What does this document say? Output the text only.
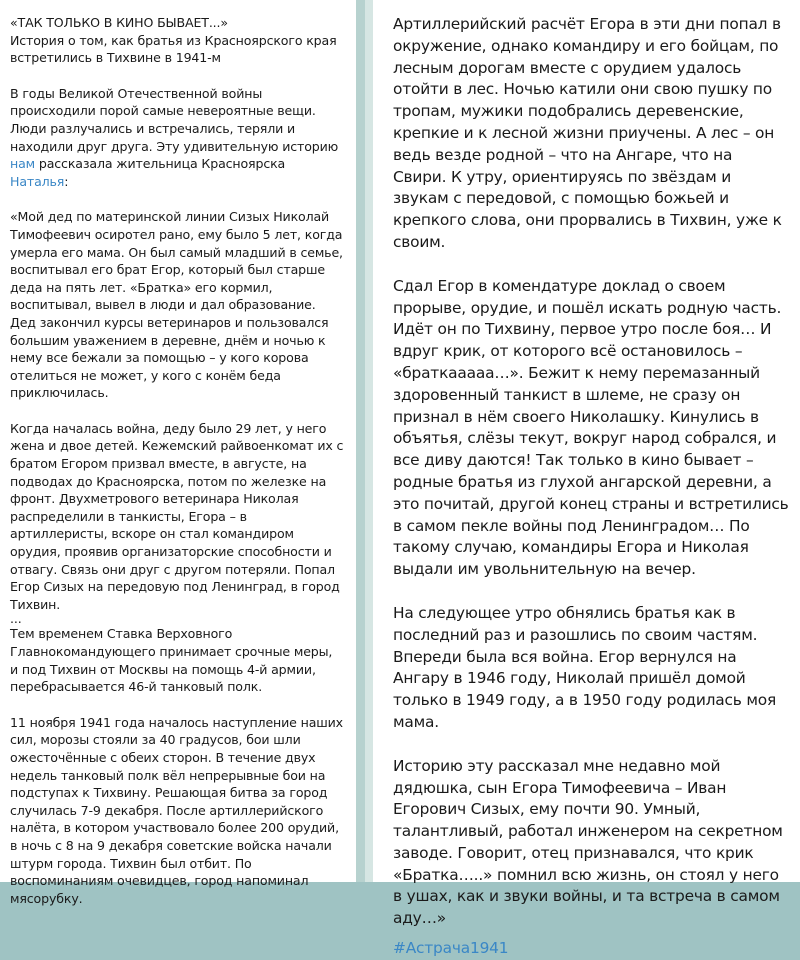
«ТАК ТОЛЬКО В КИНО БЫВАЕТ...»

История о том, как братья из Красноярского края встретились в Тихвине в 1941-м

В годы Великой Отечественной войны происходили порой самые невероятные вещи. Люди разлучались и встречались, теряли и находили друг друга. Эту удивительную историю нам рассказала жительница Красноярска Наталья:

«Мой дед по материнской линии Сизых Николай Тимофеевич осиротел рано, ему было 5 лет, когда умерла его мама. Он был самый младший в семье, воспитывал его брат Егор, который был старше деда на пять лет. «Братка» его кормил, воспитывал, вывел в люди и дал образование. Дед закончил курсы ветеринаров и пользовался большим уважением в деревне, днём и ночью к нему все бежали за помощью – у кого корова отелиться не может, у кого с конём беда приключилась.

Когда началась война, деду было 29 лет, у него жена и двое детей. Кежемский райвоенкомат их с братом Егором призвал вместе, в августе, на подводах до Красноярска, потом по железке на фронт. Двухметрового ветеринара Николая распределили в танкисты, Егора – в артиллеристы, вскоре он стал командиром орудия, проявив организаторские способности и отвагу. Связь они друг с другом потеряли. Попал Егор Сизых на передовую под Ленинград, в город Тихвин.

...

Тем временем Ставка Верховного Главнокомандующего принимает срочные меры, и под Тихвин от Москвы на помощь 4-й армии, перебрасывается 46-й танковый полк.

11 ноября 1941 года началось наступление наших сил, морозы стояли за 40 градусов, бои шли ожесточённые с обеих сторон. В течение двух недель танковый полк вёл непрерывные бои на подступах к Тихвину. Решающая битва за город случилась 7-9 декабря. После артиллерийского налёта, в котором участвовало более 200 орудий, в ночь с 8 на 9 декабря советские войска начали штурм города. Тихвин был отбит. По воспоминаниям очевидцев, город напоминал мясорубку.

Артиллерийский расчёт Егора в эти дни попал в окружение, однако командиру и его бойцам, по лесным дорогам вместе с орудием удалось отойти в лес. Ночью катили они свою пушку по тропам, мужики подобрались деревенские, крепкие и к лесной жизни приучены. А лес – он ведь везде родной – что на Ангаре, что на Свири. К утру, ориентируясь по звёздам и звукам с передовой, с помощью божьей и крепкого слова, они прорвались в Тихвин, уже к своим.

Сдал Егор в комендатуре доклад о своем прорыве, орудие, и пошёл искать родную часть. Идёт он по Тихвину, первое утро после боя… И вдруг крик, от которого всё остановилось – «браткааааа…». Бежит к нему перемазанный здоровенный танкист в шлеме, не сразу он признал в нём своего Николашку. Кинулись в объятья, слёзы текут, вокруг народ собрался, и все диву даются! Так только в кино бывает – родные братья из глухой ангарской деревни, а это почитай, другой конец страны и встретились в самом пекле войны под Ленинградом… По такому случаю, командиры Егора и Николая выдали им увольнительную на вечер.

На следующее утро обнялись братья как в последний раз и разошлись по своим частям. Впереди была вся война. Егор вернулся на Ангару в 1946 году, Николай пришёл домой только в 1949 году, а в 1950 году родилась моя мама.

Историю эту рассказал мне недавно мой дядюшка, сын Егора Тимофеевича – Иван Егорович Сизых, ему почти 90. Умный, талантливый, работал инженером на секретном заводе. Говорит, отец признавался, что крик «Братка…..» помнил всю жизнь, он стоял у него в ушах, как и звуки войны, и та встреча в самом аду…»

#Астрача1941
